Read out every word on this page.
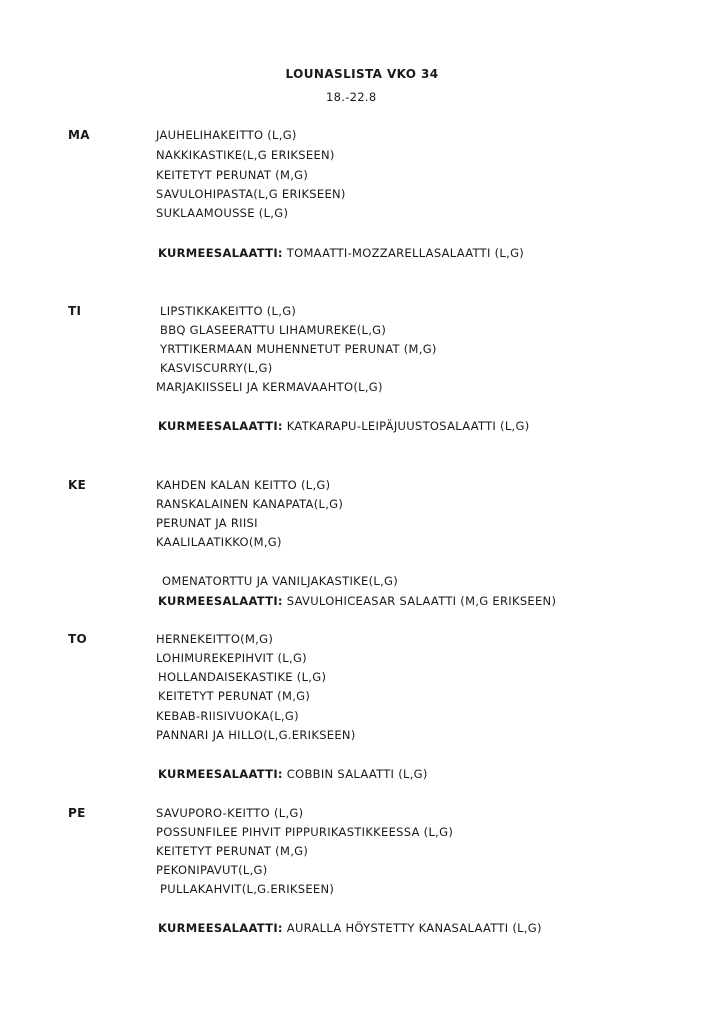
LOUNASLISTA VKO 34
18.-22.8
MA	JAUHELIHAKEITTO (L,G)
NAKKIKASTIKE(L,G ERIKSEEN)
KEITETYT PERUNAT (M,G)
SAVULOHIPASTA(L,G ERIKSEEN)
SUKLAAMOUSSE (L,G)
KURMEESALAATTI: TOMAATTI-MOZZARELLASALAATTI (L,G)
TI	LIPSTIKKAKEITTO (L,G)
BBQ GLASEERATTU LIHAMUREKE(L,G)
YRTTIKERMAAN MUHENNETUT PERUNAT (M,G)
KASVISCURRY(L,G)
MARJAKIISSELI JA KERMAVAAHTO(L,G)
KURMEESALAATTI: KATKARAPU-LEIPÄJUUSTOSALAATTI (L,G)
KE	KAHDEN KALAN KEITTO (L,G)
RANSKALAINEN KANAPATA(L,G)
PERUNAT JA RIISI
KAALILAATIKKO(M,G)
OMENATORTTU JA VANILJAKASTIKE(L,G)
KURMEESALAATTI: SAVULOHICEASAR SALAATTI (M,G ERIKSEEN)
TO	HERNEKEITTO(M,G)
LOHIMUREKEPIHVIT (L,G)
HOLLANDAISEKASTIKE (L,G)
KEITETYT PERUNAT (M,G)
KEBAB-RIISIVUOKA(L,G)
PANNARI JA HILLO(L,G.ERIKSEEN)
KURMEESALAATTI: COBBIN SALAATTI (L,G)
PE	SAVUPORO-KEITTO (L,G)
POSSUNFILEE PIHVIT PIPPURIKASTIKKEESSA (L,G)
KEITETYT PERUNAT (M,G)
PEKONIPAVUT(L,G)
PULLAKAHVIT(L,G.ERIKSEEN)
KURMEESALAATTI: AURALLA HÖYSTETTY KANASALAATTI (L,G)
